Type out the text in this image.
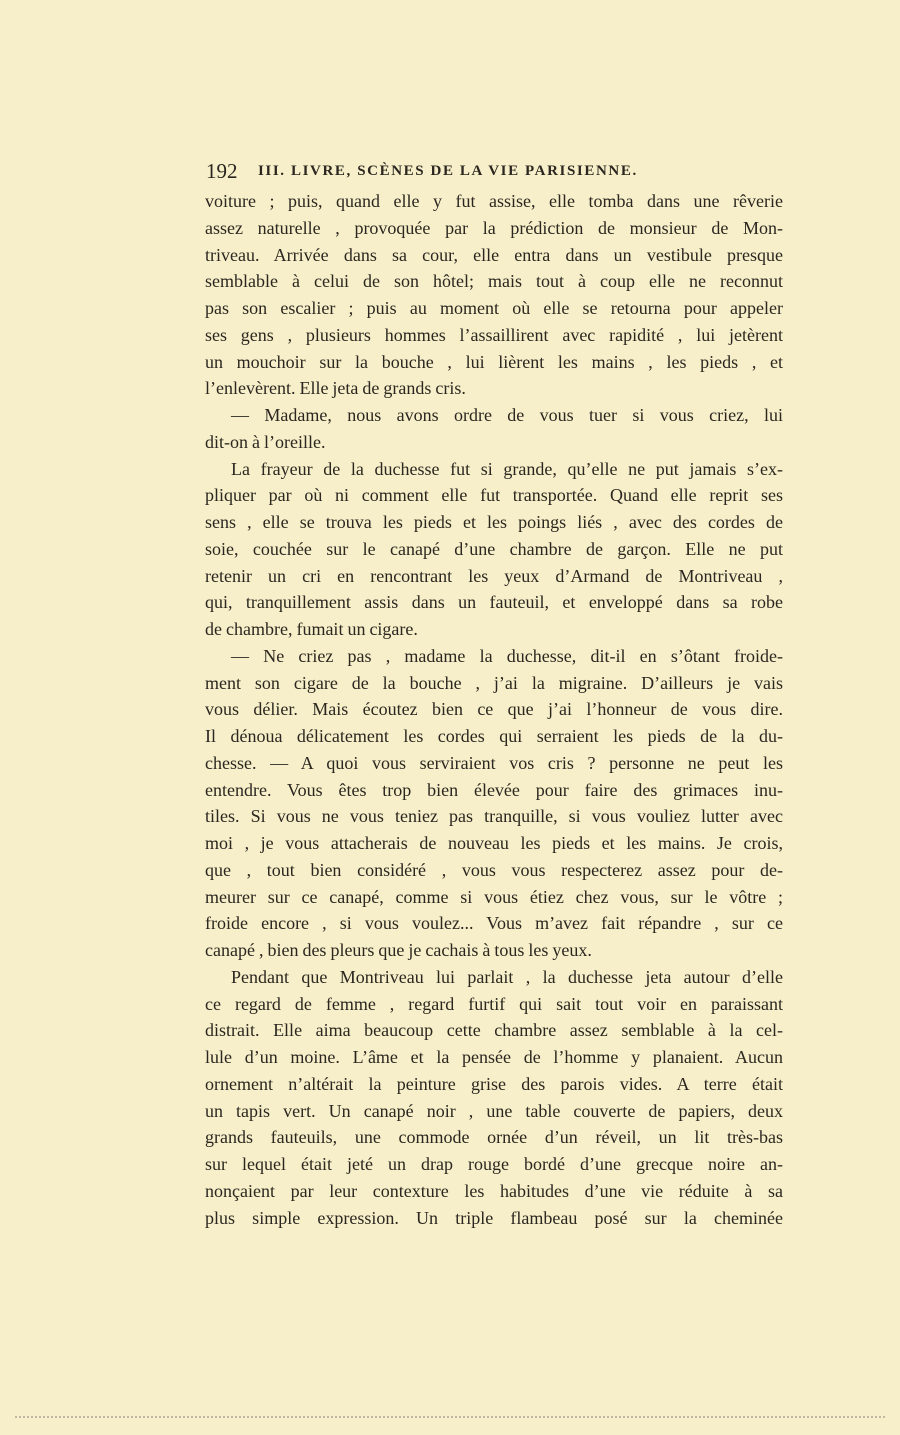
192 III. LIVRE, SCÈNES DE LA VIE PARISIENNE.
voiture ; puis, quand elle y fut assise, elle tomba dans une rêverie
assez naturelle , provoquée par la prédiction de monsieur de Mon-
triveau. Arrivée dans sa cour, elle entra dans un vestibule presque
semblable à celui de son hôtel; mais tout à coup elle ne reconnut
pas son escalier ; puis au moment où elle se retourna pour appeler
ses gens , plusieurs hommes l’assaillirent avec rapidité , lui jetèrent
un mouchoir sur la bouche , lui lièrent les mains , les pieds , et
l’enlevèrent. Elle jeta de grands cris.
— Madame, nous avons ordre de vous tuer si vous criez, lui
dit-on à l’oreille.
La frayeur de la duchesse fut si grande, qu’elle ne put jamais s’ex-
pliquer par où ni comment elle fut transportée. Quand elle reprit ses
sens , elle se trouva les pieds et les poings liés , avec des cordes de
soie, couchée sur le canapé d’une chambre de garçon. Elle ne put
retenir un cri en rencontrant les yeux d’Armand de Montriveau ,
qui, tranquillement assis dans un fauteuil, et enveloppé dans sa robe
de chambre, fumait un cigare.
— Ne criez pas , madame la duchesse, dit-il en s’ôtant froide-
ment son cigare de la bouche , j’ai la migraine. D’ailleurs je vais
vous délier. Mais écoutez bien ce que j’ai l’honneur de vous dire.
Il dénoua délicatement les cordes qui serraient les pieds de la du-
chesse. — A quoi vous serviraient vos cris ? personne ne peut les
entendre. Vous êtes trop bien élevée pour faire des grimaces inu-
tiles. Si vous ne vous teniez pas tranquille, si vous vouliez lutter avec
moi , je vous attacherais de nouveau les pieds et les mains. Je crois,
que , tout bien considéré , vous vous respecterez assez pour de-
meurer sur ce canapé, comme si vous étiez chez vous, sur le vôtre ;
froide encore , si vous voulez... Vous m’avez fait répandre , sur ce
canapé , bien des pleurs que je cachais à tous les yeux.
Pendant que Montriveau lui parlait , la duchesse jeta autour d’elle
ce regard de femme , regard furtif qui sait tout voir en paraissant
distrait. Elle aima beaucoup cette chambre assez semblable à la cel-
lule d’un moine. L’âme et la pensée de l’homme y planaient. Aucun
ornement n’altérait la peinture grise des parois vides. A terre était
un tapis vert. Un canapé noir , une table couverte de papiers, deux
grands fauteuils, une commode ornée d’un réveil, un lit très-bas
sur lequel était jeté un drap rouge bordé d’une grecque noire an-
nonçaient par leur contexture les habitudes d’une vie réduite à sa
plus simple expression. Un triple flambeau posé sur la cheminée
